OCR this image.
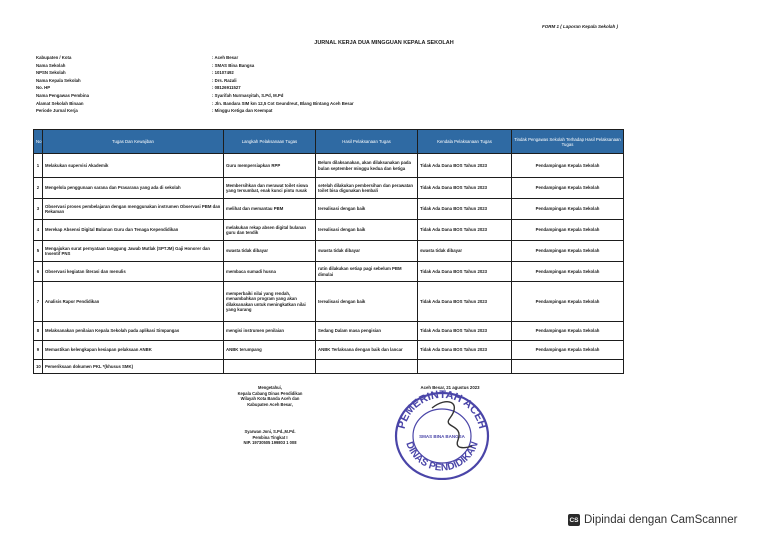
FORM 1 ( Laporan Kepala Sekolah )
JURNAL KERJA DUA MINGGUAN KEPALA SEKOLAH
Kabupaten / Kota	: Aceh Besar
Nama Sekolah	: SMAS Bina Bangsa
NPSN Sekolah	: 10107492
Nama Kepala Sekolah	: Drs. Razali
No. HP	: 08126911527
Nama Pengawas Pembina	: Syarifah Nurmasyitah, S.Pd, M.Pd
Alamat Sekolah Binaan	: Jln. Bandara SIM km 12,5 Cot Geundreut, Blang Bintang Aceh Besar
Periode Jurnal Kerja	: Minggu Ketiga dan Keempat
No	Tugas Dan Kewajiban	Langkah Pelaksanaan Tugas	Hasil Pelaksanaan Tugas	Kendala Pelaksanaan Tugas	Tindak Pengawas Sekolah Terhadap Hasil Pelaksanaan Tugas
1	Melakukan supervisi Akademik	Guru mempersiapkan RPP	Belum dilaksanakan, akan dilaksanakan pada bulan september minggu kedua dan ketiga	Tidak Ada Dana BOS Tahun 2023	Pendampingan Kepala Sekolah
2	Mengelola penggunaan sarana dan Prasarana yang ada di sekolah	Membersihkan dan merawat toilet siswa yang tersumbat, enak kunci pintu rusak	setelah dilakukan pembersihan dan perawatan toilet bisa digunakan kembali	Tidak Ada Dana BOS Tahun 2023	Pendampingan Kepala Sekolah
3	Observasi proses pembelajaran dengan menggunakan instrumen Observasi PBM dan Rekaman	melihat dan memantau PBM	terealisasi dengan baik	Tidak Ada Dana BOS Tahun 2023	Pendampingan Kepala Sekolah
4	Merekap Absensi Digital Bulanan Guru dan Tenaga Kependidikan	melakukan rekap absen digital bulanan guru dan tendik	terealisasi dengan baik	Tidak Ada Dana BOS Tahun 2023	Pendampingan Kepala Sekolah
5	Mengajukan surat pernyataan tanggung Jawab Mutlak (SPTJM) Gaji Honorer dan Insentif PNS	swasta tidak dibayar	swasta tidak dibayar	swasta tidak dibayar	Pendampingan Kepala Sekolah
6	Observasi kegiatan literasi dan menulis	membaca sumadi husna	rutin dilakukan setiap pagi sebelum PBM dimulai	Tidak Ada Dana BOS Tahun 2023	Pendampingan Kepala Sekolah
7	Analisis Rapor Pendidikan	memperbaiki nilai yang rendah, menambahkan program yang akan dilaksanakan untuk meningkatkan nilai yang kurang	terealisasi dengan baik	Tidak Ada Dana BOS Tahun 2023	Pendampingan Kepala Sekolah
8	Melaksanakan penilaian Kepala Sekolah pada aplikasi Simpangas	mengisi instrumen penilaian	Sedang Dalam masa pengisian	Tidak Ada Dana BOS Tahun 2023	Pendampingan Kepala Sekolah
9	Memastikan kelengkapan kesiapan pelaksaan ANBK	ANBK terumpang	ANBK Terlaksana dengan baik dan lancar	Tidak Ada Dana BOS Tahun 2023	Pendampingan Kepala Sekolah
10	Pemeriksaan dokumen PKL *(khusus SMK)				
Mengetahui,
Kepala Cabang Dinas Pendidikan
Wilayah Kota Banda Aceh dan
Kabupaten Aceh Besar,
Syarwan Joni, S.Pd.,M.Pd.
Pembina Tingkat I
NIP. 19730505 199803 1 008
Aceh Besar, 21 agustus 2023
PEMERINTAH ACEH
DINAS PENDIDIKAN
SMAS BINA BANGSA
CS Dipindai dengan CamScanner
